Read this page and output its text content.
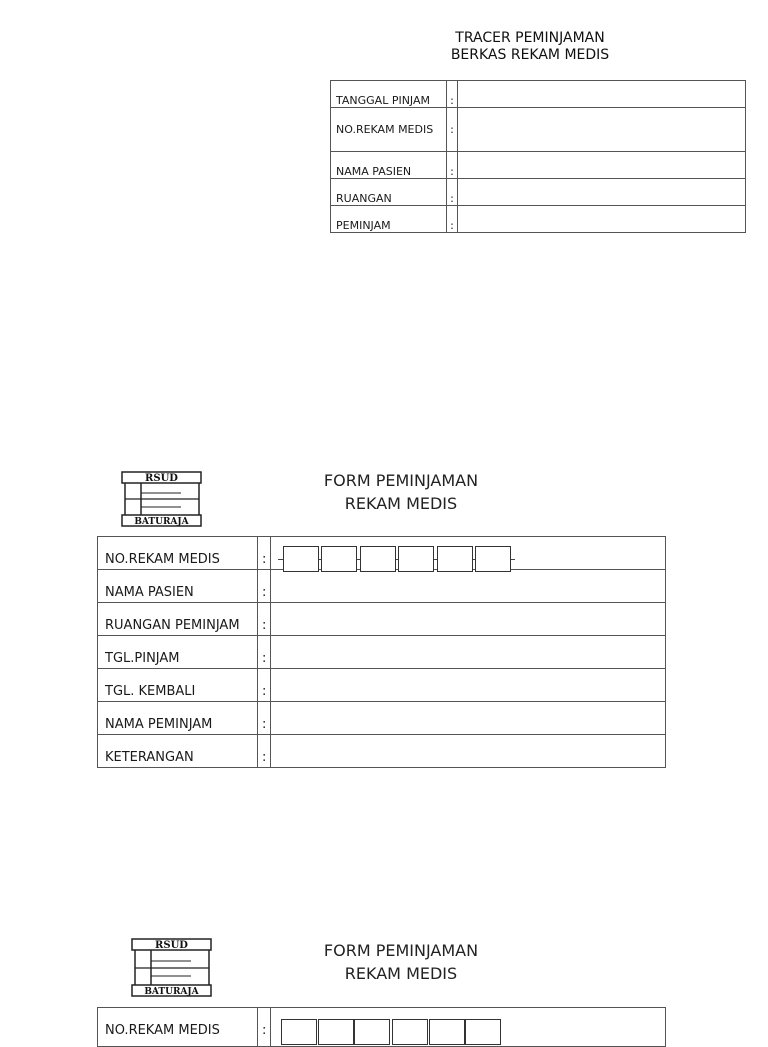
TRACER PEMINJAMAN
BERKAS REKAM MEDIS
TANGGAL PINJAM	:	
NO.REKAM MEDIS	:	
NAMA PASIEN	:	
RUANGAN	:	
PEMINJAM	:	
RSUD
BATURAJA
FORM PEMINJAMAN
REKAM MEDIS
NO.REKAM MEDIS	:	

NAMA PASIEN	:	
RUANGAN PEMINJAM	:	
TGL.PINJAM	:	
TGL. KEMBALI	:	
NAMA PEMINJAM	:	
KETERANGAN	:	
RSUD
BATURAJA
FORM PEMINJAMAN
REKAM MEDIS
NO.REKAM MEDIS	:	
